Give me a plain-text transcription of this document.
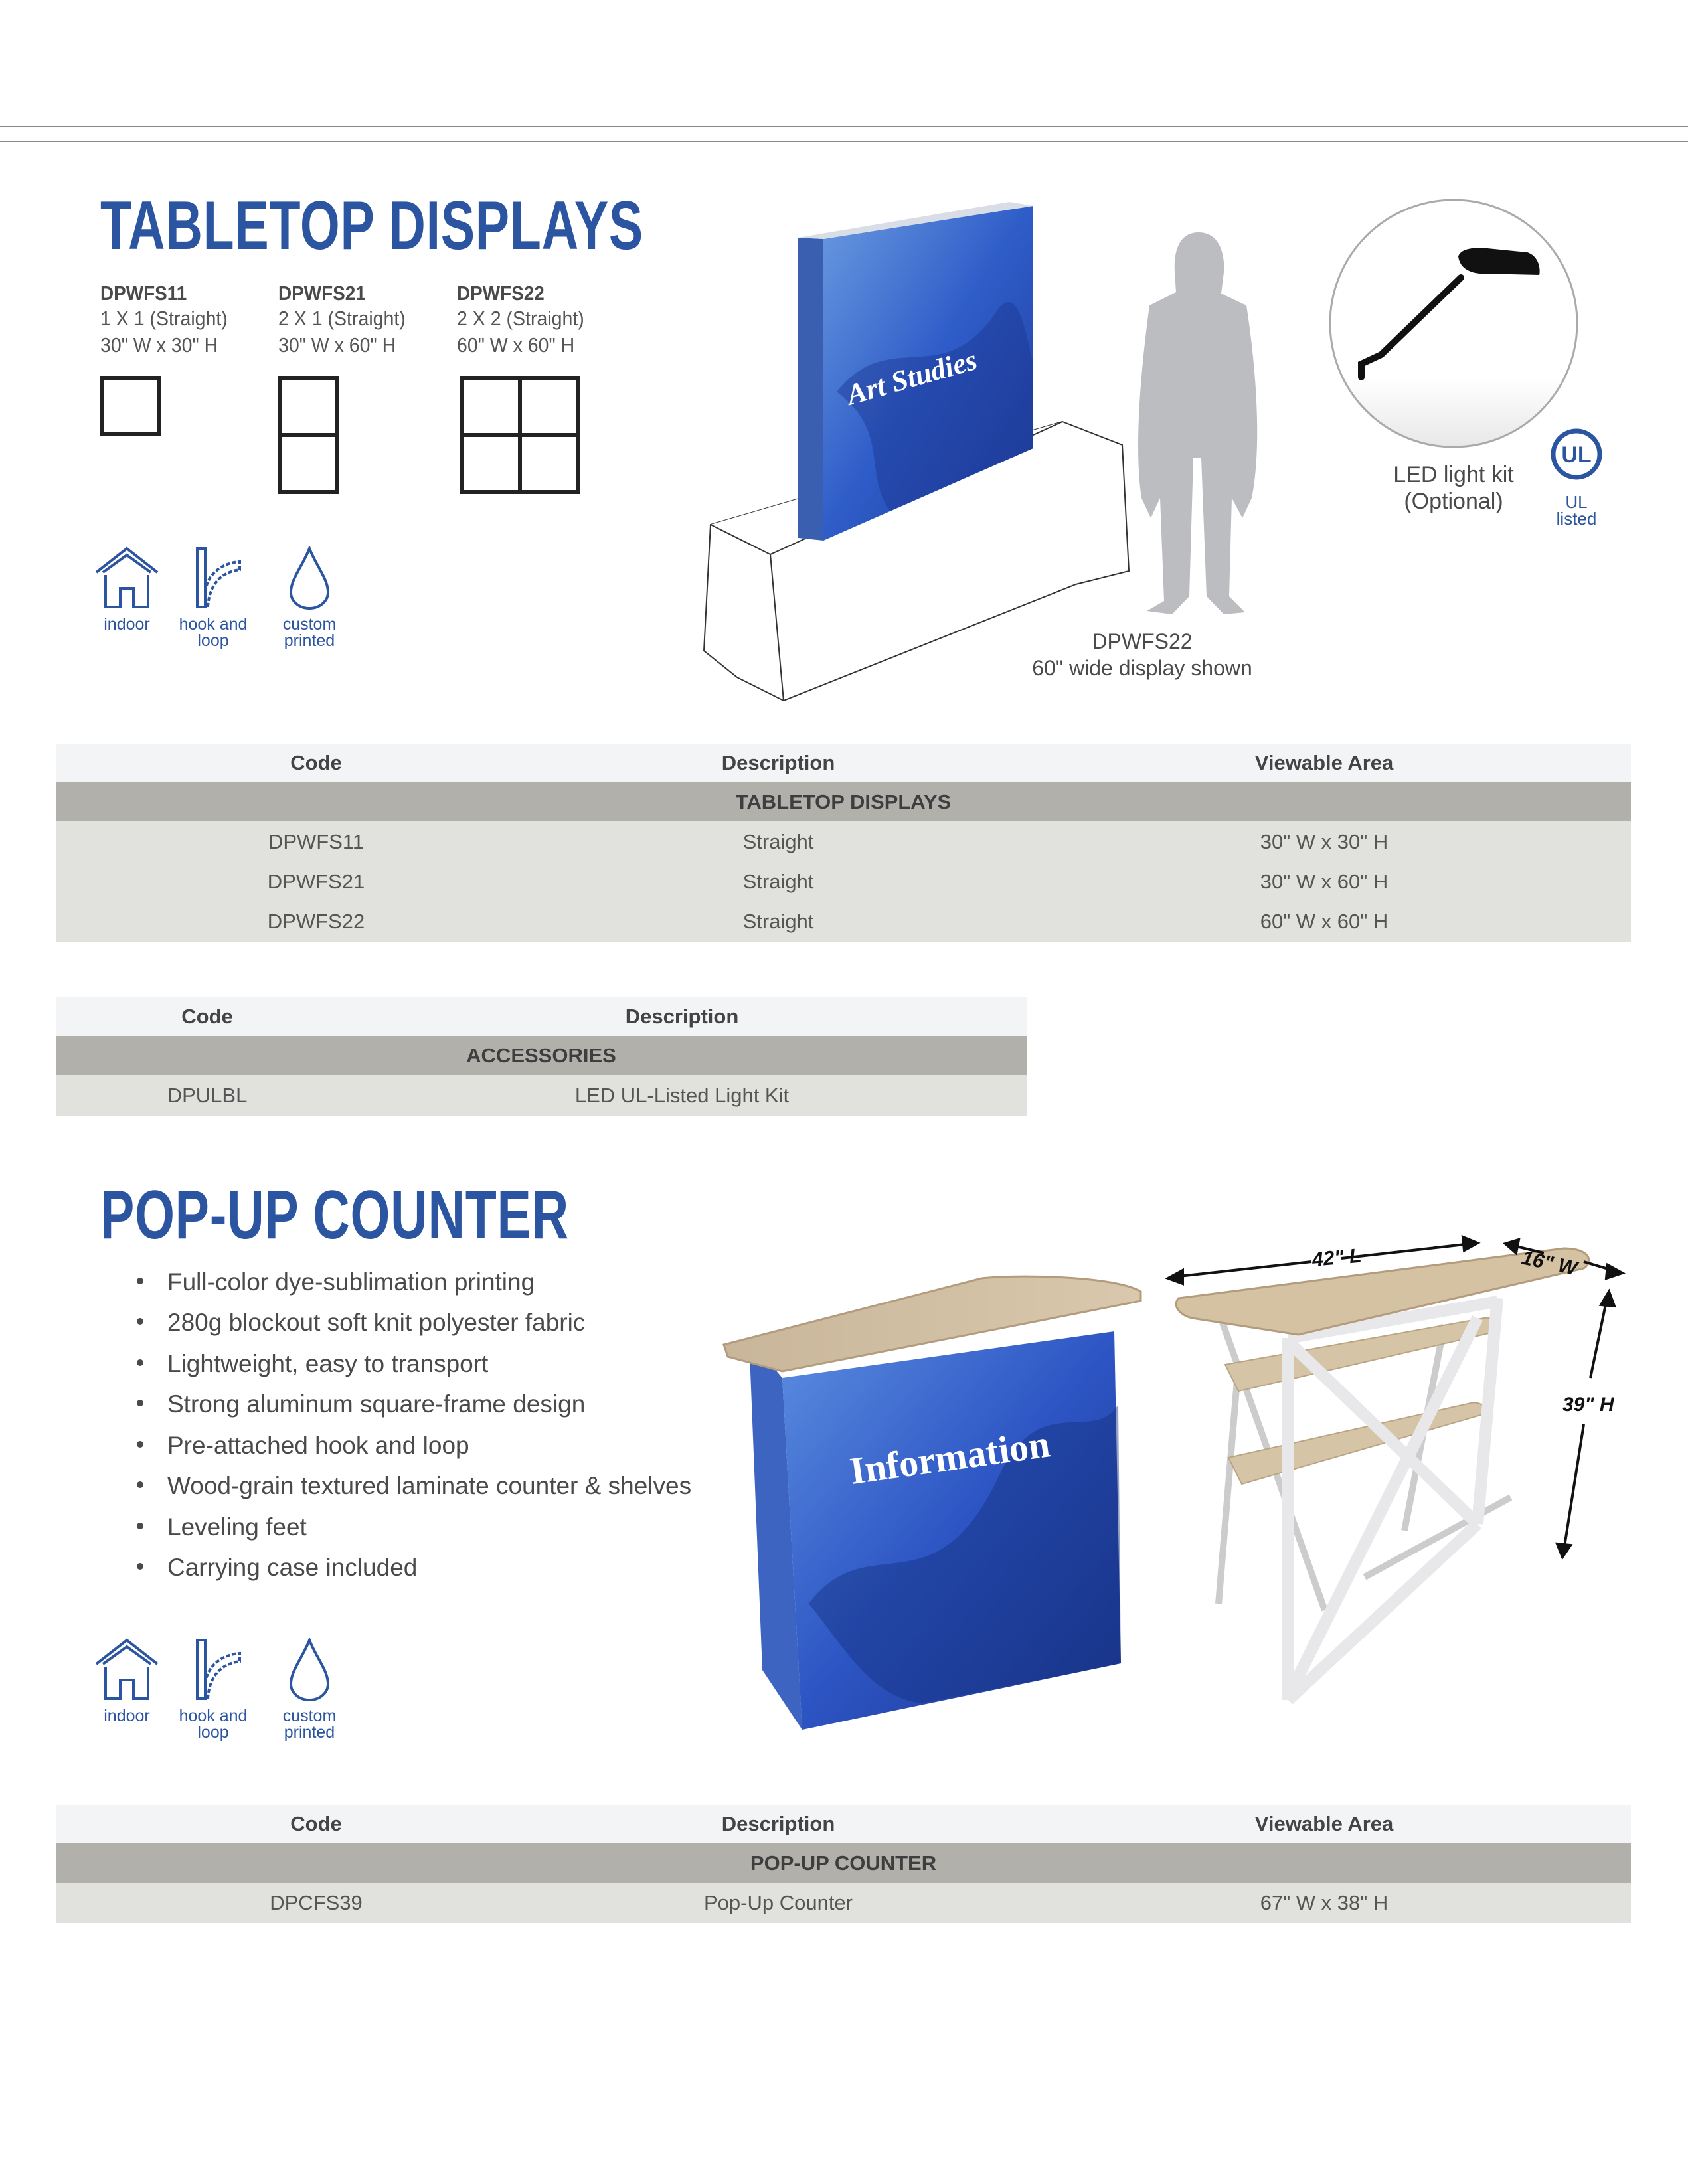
TABLETOP DISPLAYS
DPWFS11
1 X 1 (Straight)
30" W x 30" H
DPWFS21
2 X 1 (Straight)
30" W x 60" H
DPWFS22
2 X 2 (Straight)
60" W x 60" H
indoor	hook and loop
custom printed
Art Studies
DPWFS22
60" wide display shown
LED light kit
(Optional)
UL
UL
listed
Code	Description	Viewable Area
TABLETOP DISPLAYS
DPWFS11	Straight	30" W x 30" H
DPWFS21	Straight	30" W x 60" H
DPWFS22	Straight	60" W x 60" H
Code	Description
ACCESSORIES
DPULBL	LED UL-Listed Light Kit
POP-UP COUNTER
Full-color dye-sublimation printing
280g blockout soft knit polyester fabric
Lightweight, easy to transport
Strong aluminum square-frame design
Pre-attached hook and loop
Wood-grain textured laminate counter & shelves
Leveling feet
Carrying case included
indoor	hook and loop
custom printed
Information
42" L	16" W
39" H
Code	Description	Viewable Area
POP-UP COUNTER
DPCFS39	Pop-Up Counter	67" W x 38" H
